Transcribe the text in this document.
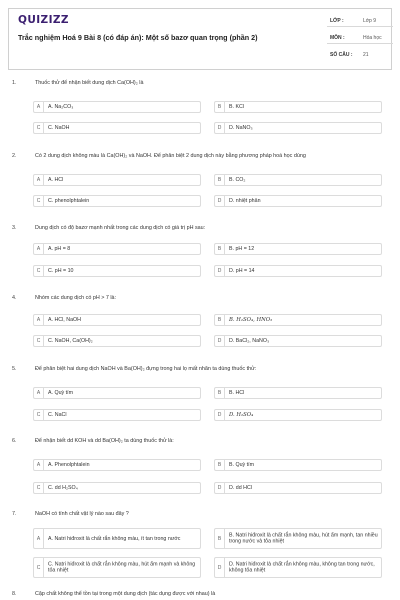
QUIZIZZ
Trắc nghiệm Hoá 9 Bài 8 (có đáp án): Một số bazơ quan trọng (phần 2)
LỚP :	Lớp 9
MÔN :	Hóa học
SỐ CÂU : 21
1.	Thuốc thử để nhận biết dung dịch Ca(OH)₂ là
A	A. Na₂CO₃	B	B. KCl
C	C. NaOH	D	D. NaNO₃
2.	Có 2 dung dịch không màu là Ca(OH)₂ và NaOH. Để phân biệt 2 dung dịch này bằng phương pháp hoá học dùng
A	A. HCl	B	B. CO₂
C	C. phenolphtalein	D	D. nhiệt phân
3.	Dung dịch có độ bazơ mạnh nhất trong các dung dịch có giá trị pH sau:
A	A. pH = 8	B	B. pH = 12
C	C. pH = 10	D	D. pH = 14
4.	Nhóm các dung dịch có pH > 7 là:
A	A. HCl, NaOH	B	B. H₂SO₄, HNO₃
C	C. NaOH, Ca(OH)₂	D	D. BaCl₂, NaNO₃
5.	Để phân biệt hai dung dịch NaOH và Ba(OH)₂ đựng trong hai lọ mất nhãn ta dùng thuốc thử:
A	A. Quỳ tím	B	B. HCl
C	C. NaCl	D	D. H₂SO₄
6.	Để nhận biết dd KOH và dd Ba(OH)₂ ta dùng thuốc thử là:
A	A. Phenolphtalein	B	B. Quỳ tím
C	C. dd H₂SO₄	D	D. dd HCl
7.	NaOH có tính chất vật lý nào sau đây ?
A	A. Natri hiđroxit là chất rắn không màu, ít tan trong nước	B
B. Natri hiđroxit là chất rắn không màu, hút ẩm mạnh, tan nhiều trong nước và tỏa nhiệt
C
C. Natri hiđroxit là chất rắn không màu, hút ẩm mạnh và không tỏa nhiệt	D
D. Natri hiđroxit là chất rắn không màu, không tan trong nước, không tỏa nhiệt
8.	Cặp chất không thể tồn tại trong một dung dịch (tác dụng được với nhau) là
